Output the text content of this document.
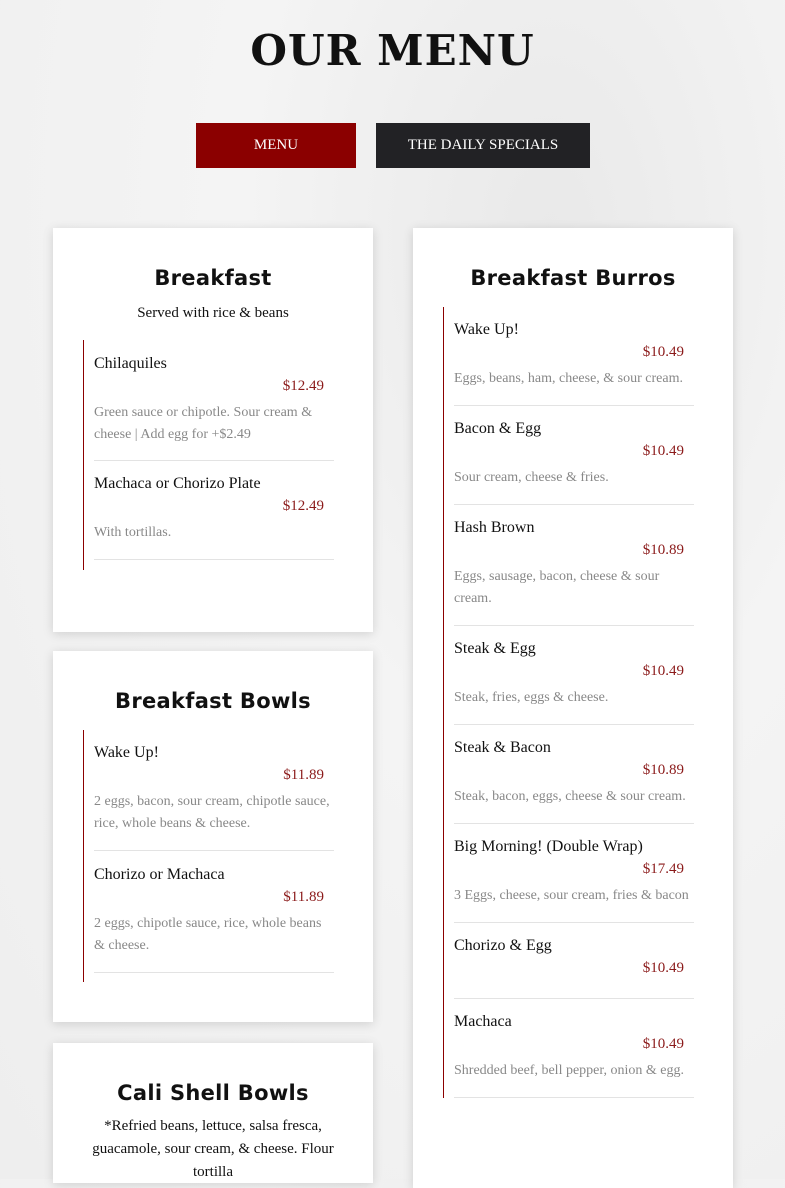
OUR MENU
MENU	THE DAILY SPECIALS
Breakfast
Served with rice & beans
Chilaquiles
$12.49
Green sauce or chipotle. Sour cream & cheese | Add egg for +$2.49
Machaca or Chorizo Plate
$12.49
With tortillas.
Breakfast Bowls
Wake Up!
$11.89
2 eggs, bacon, sour cream, chipotle sauce, rice, whole beans & cheese.
Chorizo or Machaca
$11.89
2 eggs, chipotle sauce, rice, whole beans & cheese.
Cali Shell Bowls
*Refried beans, lettuce, salsa fresca, guacamole, sour cream, & cheese. Flour tortilla
Breakfast Burros
Wake Up!
$10.49
Eggs, beans, ham, cheese, & sour cream.
Bacon & Egg
$10.49
Sour cream, cheese & fries.
Hash Brown
$10.89
Eggs, sausage, bacon, cheese & sour cream.
Steak & Egg
$10.49
Steak, fries, eggs & cheese.
Steak & Bacon
$10.89
Steak, bacon, eggs, cheese & sour cream.
Big Morning! (Double Wrap)
$17.49
3 Eggs, cheese, sour cream, fries & bacon
Chorizo & Egg
$10.49
Machaca
$10.49
Shredded beef, bell pepper, onion & egg.
